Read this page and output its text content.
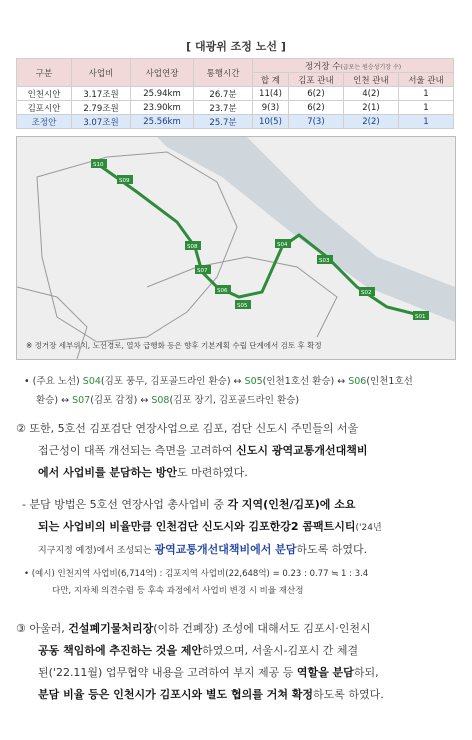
[ 대광위 조정 노선 ]
구분	사업비	사업연장	통행시간	정거장 수(급포는 원승성기장 수)			
				합 계	김포 관내	인천 관내	서울 관내
인천시안	3.17조원	25.94km	26.7분	11(4)	6(2)	4(2)	1
김포시안	2.79조원	23.90km	23.7분	9(3)	6(2)	2(1)	1
조정안	3.07조원	25.56km	25.7분	10(5)	7(3)	2(2)	1
S10
S09
S08
S07
S06
S05
S04
S03
S02
S01
※ 정거장 세부위치, 노선경로, 열차 급행화 등은 향후 기본계획 수립 단계에서 검토 후 확정
• (주요 노선) S04(김포 풍무, 김포골드라인 환승) ↔ S05(인천1호선 환승) ↔ S06(인천1호선
환승) ↔ S07(김포 감정) ↔ S08(김포 장기, 김포골드라인 환승)
② 또한, 5호선 김포검단 연장사업으로 김포, 검단 신도시 주민들의 서울
접근성이 대폭 개선되는 측면을 고려하여 신도시 광역교통개선대책비
에서 사업비를 분담하는 방안도 마련하였다.
- 분담 방법은 5호선 연장사업 총사업비 중 각 지역(인천/김포)에 소요
되는 사업비의 비율만큼 인천검단 신도시와 김포한강2 콤팩트시티('24년
지구지정 예정)에서 조성되는 광역교통개선대책비에서 분담하도록 하였다.
• (예시) 인천지역 사업비(6,714억) : 김포지역 사업비(22,648억) = 0.23 : 0.77 ≒ 1 : 3.4
다만, 지자체 의견수렴 등 후속 과정에서 사업비 변경 시 비율 재산정
③ 아울러, 건설폐기물처리장(이하 건폐장) 조성에 대해서도 김포시·인천시
공동 책임하에 추진하는 것을 제안하였으며, 서울시-김포시 간 체결
된('22.11월) 업무협약 내용을 고려하여 부지 제공 등 역할을 분담하되,
분담 비율 등은 인천시가 김포시와 별도 협의를 거쳐 확정하도록 하였다.
